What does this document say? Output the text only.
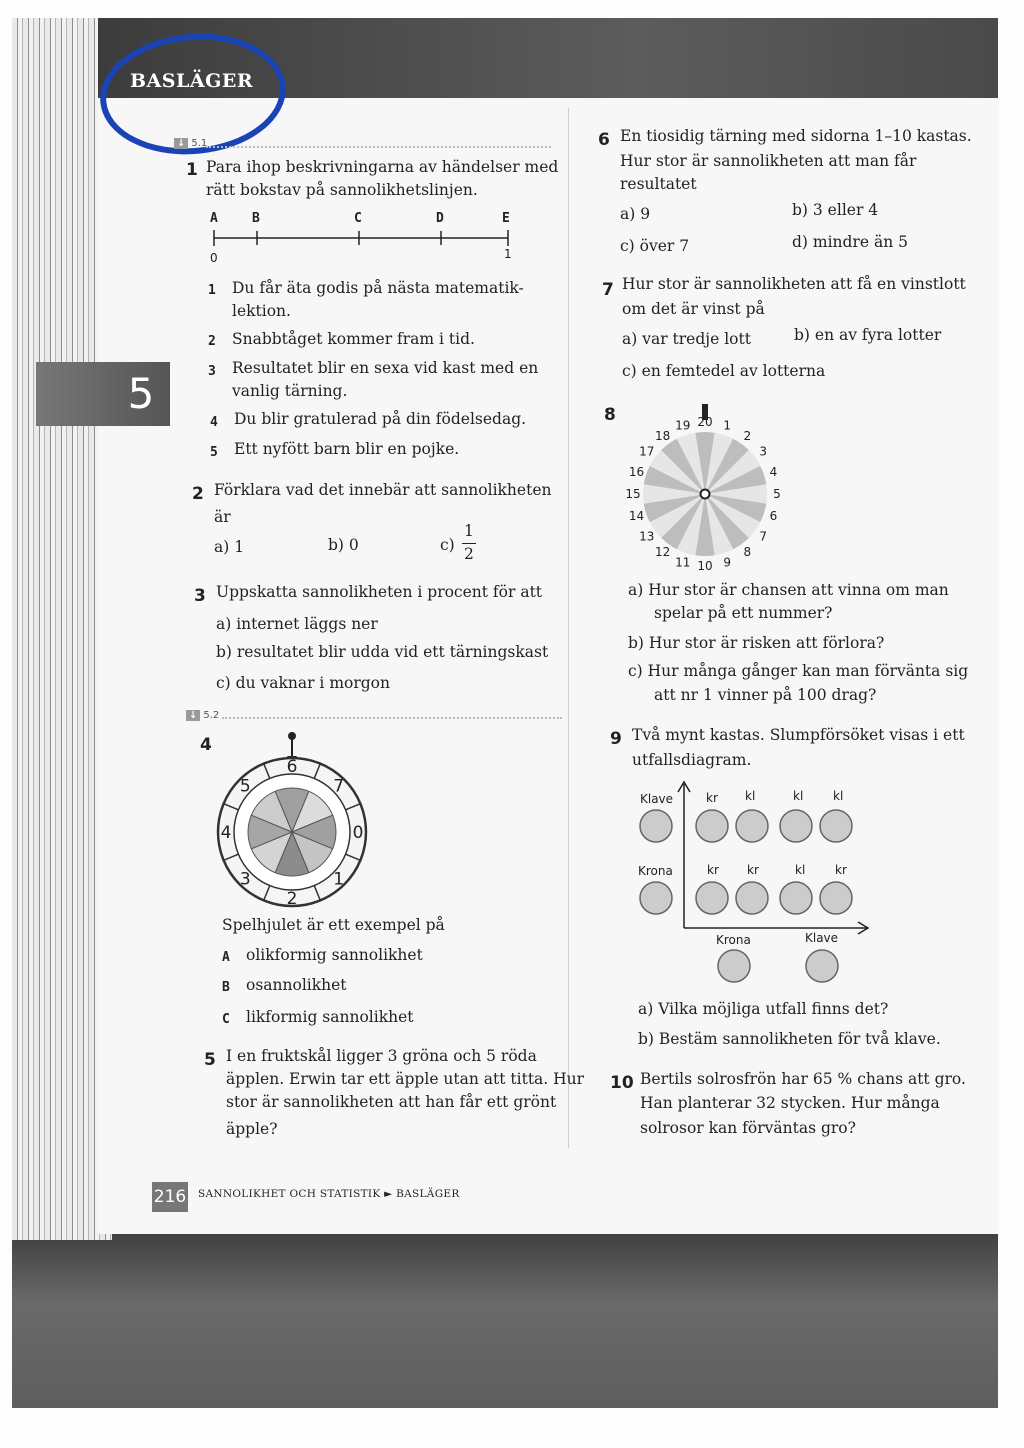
BASLÄGER
5
↓ 5.1
↓ 5.2
1 Para ihop beskrivningarna av händelser med
rätt bokstav på sannolikhetslinjen.
A	B	C	D	E
0	1
1 Du får äta godis på nästa matematik-
lektion.
2 Snabbtåget kommer fram i tid.
3 Resultatet blir en sexa vid kast med en
vanlig tärning.
4 Du blir gratulerad på din födelsedag.
5 Ett nyfött barn blir en pojke.
2 Förklara vad det innebär att sannolikheten
är
a) 1	b) 0	c)
1
2
3 Uppskatta sannolikheten i procent för att
a) internet läggs ner
b) resultatet blir udda vid ett tärningskast
c) du vaknar i morgon
4
6
7
0
1
2
3
4
5
Spelhjulet är ett exempel på
A olikformig sannolikhet
B osannolikhet
C likformig sannolikhet
5 I en fruktskål ligger 3 gröna och 5 röda
äpplen. Erwin tar ett äpple utan att titta. Hur
stor är sannolikheten att han får ett grönt
äpple?
6 En tiosidig tärning med sidorna 1–10 kastas.
Hur stor är sannolikheten att man får
resultatet
a) 9	b) 3 eller 4
c) över 7	d) mindre än 5
7 Hur stor är sannolikheten att få en vinstlott
om det är vinst på
a) var tredje lott	b) en av fyra lotter
c) en femtedel av lotterna
8	20 1
2
3
4
5
6
7
8
9
10
11
12
13
14
15
16
17
18
19
a) Hur stor är chansen att vinna om man
spelar på ett nummer?
b) Hur stor är risken att förlora?
c) Hur många gånger kan man förvänta sig
att nr 1 vinner på 100 drag?
9 Två mynt kastas. Slumpförsöket visas i ett
utfallsdiagram.
Klave
Krona
kr kl	kl kl
kr kr	kl kr
Krona	Klave
a) Vilka möjliga utfall finns det?
b) Bestäm sannolikheten för två klave.
10 Bertils solrosfrön har 65 % chans att gro.
Han planterar 32 stycken. Hur många
solrosor kan förväntas gro?
216 SANNOLIKHET OCH STATISTIK ► BASLÄGER
